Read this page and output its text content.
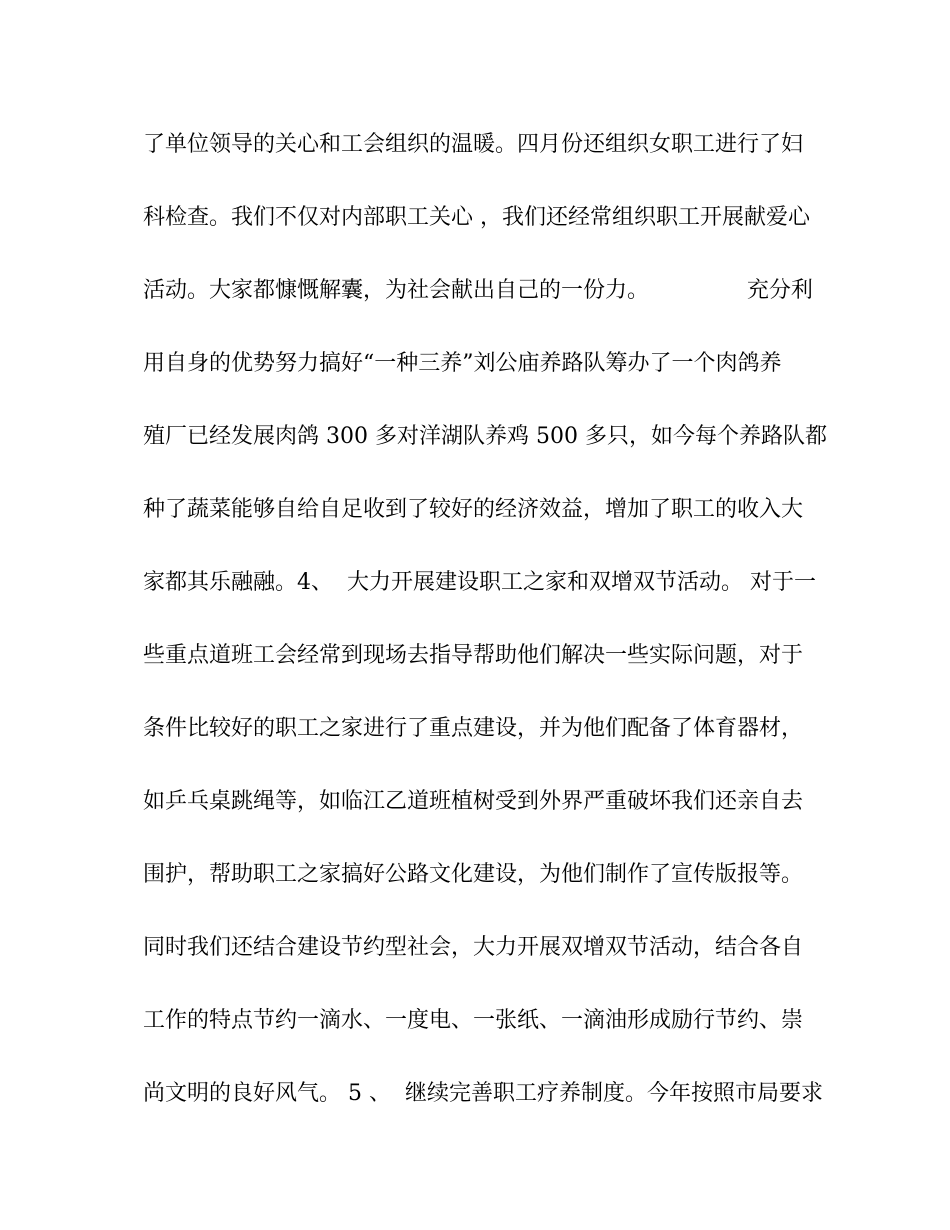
了单位领导的关心和工会组织的温暖。四月份还组织女职工进行了妇
科检查。我们不仅对内部职工关心 ，我们还经常组织职工开展献爱心
活动。大家都慷慨解囊，为社会献出自己的一份力。              充分利
用自身的优势努力搞好“一种三养”刘公庙养路队筹办了一个肉鸽养
殖厂已经发展肉鸽 300 多对洋湖队养鸡 500 多只，如今每个养路队都
种了蔬菜能够自给自足收到了较好的经济效益，增加了职工的收入大
家都其乐融融。4、  大力开展建设职工之家和双增双节活动。 对于一
些重点道班工会经常到现场去指导帮助他们解决一些实际问题，对于
条件比较好的职工之家进行了重点建设，并为他们配备了体育器材，
如乒乓桌跳绳等，如临江乙道班植树受到外界严重破坏我们还亲自去
围护，帮助职工之家搞好公路文化建设，为他们制作了宣传版报等。
同时我们还结合建设节约型社会，大力开展双增双节活动，结合各自
工作的特点节约一滴水、一度电、一张纸、一滴油形成励行节约、崇
尚文明的良好风气。 5 、  继续完善职工疗养制度。今年按照市局要求
